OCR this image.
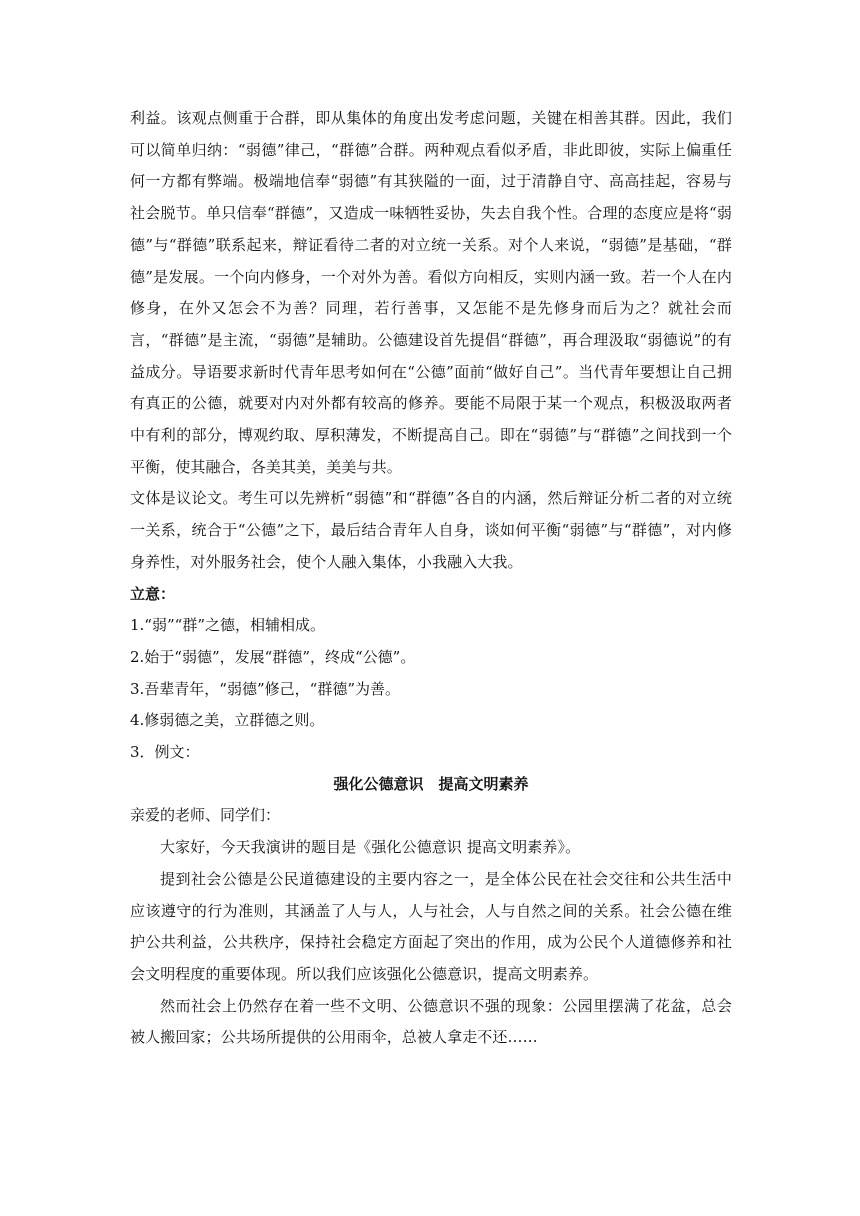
利益。该观点侧重于合群，即从集体的角度出发考虑问题，关键在相善其群。因此，我们可以简单归纳：“弱德”律己，“群德”合群。两种观点看似矛盾，非此即彼，实际上偏重任何一方都有弊端。极端地信奉“弱德”有其狭隘的一面，过于清静自守、高高挂起，容易与社会脱节。单只信奉“群德”，又造成一味牺牲妥协，失去自我个性。合理的态度应是将“弱德”与“群德”联系起来，辩证看待二者的对立统一关系。对个人来说，“弱德”是基础，“群德”是发展。一个向内修身，一个对外为善。看似方向相反，实则内涵一致。若一个人在内修身，在外又怎会不为善？同理，若行善事，又怎能不是先修身而后为之？就社会而言，“群德”是主流，“弱德”是辅助。公德建设首先提倡“群德”，再合理汲取“弱德说”的有益成分。导语要求新时代青年思考如何在“公德”面前“做好自己”。当代青年要想让自己拥有真正的公德，就要对内对外都有较高的修养。要能不局限于某一个观点，积极汲取两者中有利的部分，博观约取、厚积薄发，不断提高自己。即在“弱德”与“群德”之间找到一个平衡，使其融合，各美其美，美美与共。

文体是议论文。考生可以先辨析“弱德”和“群德”各自的内涵，然后辩证分析二者的对立统一关系，统合于“公德”之下，最后结合青年人自身，谈如何平衡“弱德”与“群德”，对内修身养性，对外服务社会，使个人融入集体，小我融入大我。

立意：

1.“弱”“群”之德，相辅相成。

2.始于“弱德”，发展“群德”，终成“公德”。

3.吾辈青年，“弱德”修己，“群德”为善。

4.修弱德之美，立群德之则。

3．例文：

强化公德意识　提高文明素养

亲爱的老师、同学们：

大家好，今天我演讲的题目是《强化公德意识 提高文明素养》。

提到社会公德是公民道德建设的主要内容之一，是全体公民在社会交往和公共生活中应该遵守的行为准则，其涵盖了人与人，人与社会，人与自然之间的关系。社会公德在维护公共利益，公共秩序，保持社会稳定方面起了突出的作用，成为公民个人道德修养和社会文明程度的重要体现。所以我们应该强化公德意识，提高文明素养。

然而社会上仍然存在着一些不文明、公德意识不强的现象：公园里摆满了花盆，总会被人搬回家；公共场所提供的公用雨伞，总被人拿走不还……
